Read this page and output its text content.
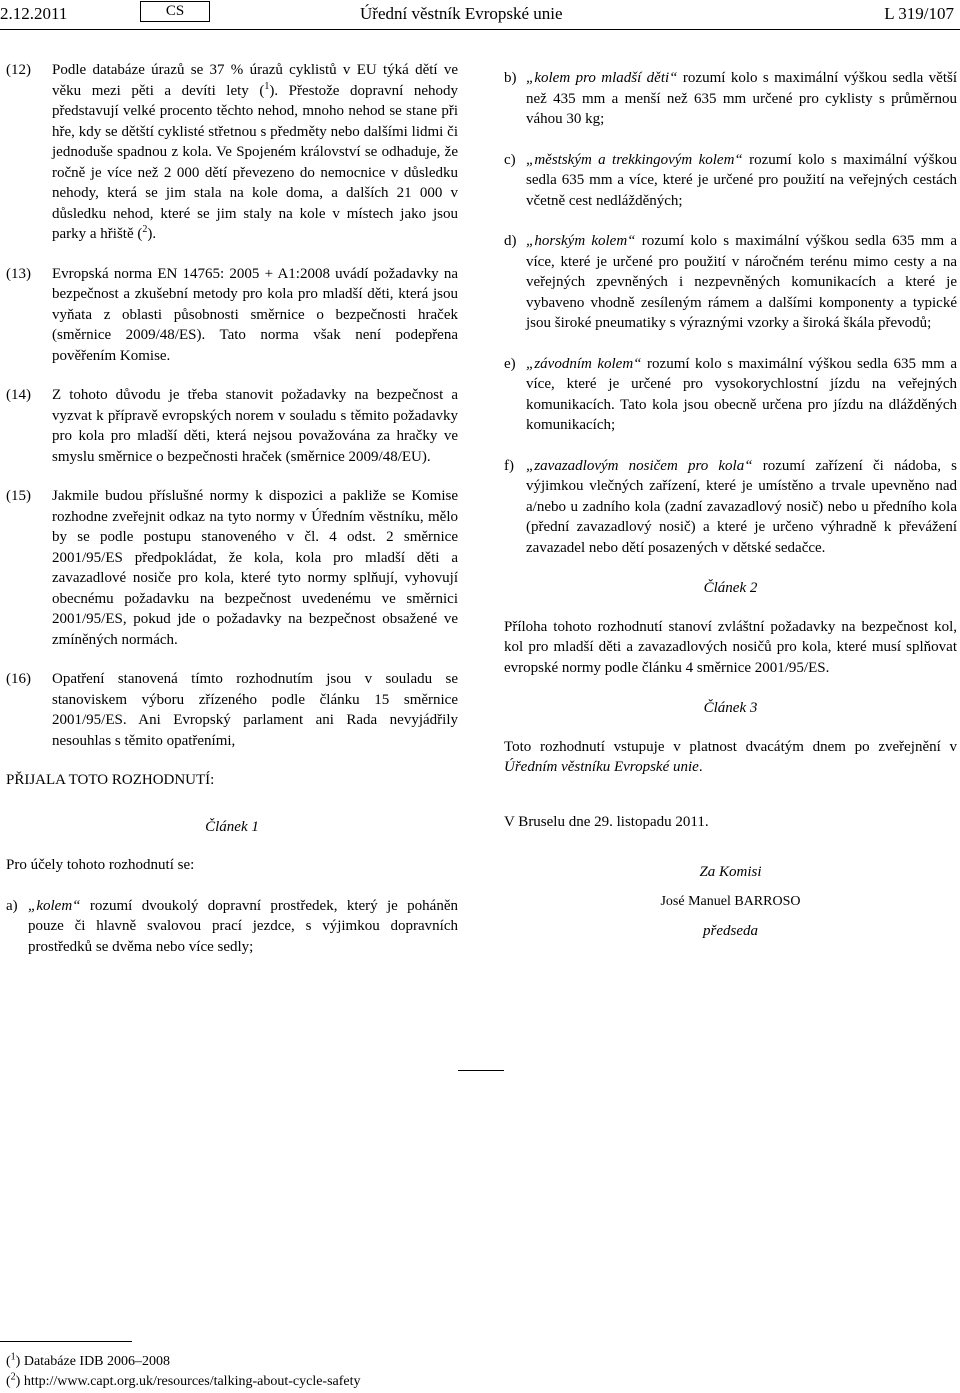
2.12.2011	CS	Úřední věstník Evropské unie	L 319/107
(12)	Podle databáze úrazů se 37 % úrazů cyklistů v EU týká dětí ve věku mezi pěti a devíti lety ($^1$). Přestože dopravní nehody představují velké procento těchto nehod, mnoho nehod se stane při hře, kdy se dětští cyklisté střetnou s předměty nebo dalšími lidmi či jednoduše spadnou z kola. Ve Spojeném království se odhaduje, že ročně je více než 2 000 dětí převezeno do nemocnice v důsledku nehody, která se jim stala na kole doma, a dalších 21 000 v důsledku nehod, které se jim staly na kole v místech jako jsou parky a hřiště ($^2$).
(13)	Evropská norma EN 14765: 2005 + A1:2008 uvádí požadavky na bezpečnost a zkušební metody pro kola pro mladší děti, která jsou vyňata z oblasti působnosti směrnice o bezpečnosti hraček (směrnice 2009/48/ES). Tato norma však není podepřena pověřením Komise.
(14)	Z tohoto důvodu je třeba stanovit požadavky na bezpečnost a vyzvat k přípravě evropských norem v souladu s těmito požadavky pro kola pro mladší děti, která nejsou považována za hračky ve smyslu směrnice o bezpečnosti hraček (směrnice 2009/48/EU).
(15)	Jakmile budou příslušné normy k dispozici a pakliže se Komise rozhodne zveřejnit odkaz na tyto normy v Úředním věstníku, mělo by se podle postupu stanoveného v čl. 4 odst. 2 směrnice 2001/95/ES předpokládat, že kola, kola pro mladší děti a zavazadlové nosiče pro kola, které tyto normy splňují, vyhovují obecnému požadavku na bezpečnost uvedenému ve směrnici 2001/95/ES, pokud jde o požadavky na bezpečnost obsažené ve zmíněných normách.
(16)	Opatření stanovená tímto rozhodnutím jsou v souladu se stanoviskem výboru zřízeného podle článku 15 směrnice 2001/95/ES. Ani Evropský parlament ani Rada nevyjádřily nesouhlas s těmito opatřeními,
PŘIJALA TOTO ROZHODNUTÍ:
Článek 1
Pro účely tohoto rozhodnutí se:
a) „kolem“ rozumí dvoukolý dopravní prostředek, který je poháněn pouze či hlavně svalovou prací jezdce, s výjimkou dopravních prostředků se dvěma nebo více sedly;
b) „kolem pro mladší děti“ rozumí kolo s maximální výškou sedla větší než 435 mm a menší než 635 mm určené pro cyklisty s průměrnou váhou 30 kg;
c) „městským a trekkingovým kolem“ rozumí kolo s maximální výškou sedla 635 mm a více, které je určené pro použití na veřejných cestách včetně cest nedlážděných;
d) „horským kolem“ rozumí kolo s maximální výškou sedla 635 mm a více, které je určené pro použití v náročném terénu mimo cesty a na veřejných zpevněných i nezpevněných komunikacích a které je vybaveno vhodně zesíleným rámem a dalšími komponenty a typické jsou široké pneumatiky s výraznými vzorky a široká škála převodů;
e) „závodním kolem“ rozumí kolo s maximální výškou sedla 635 mm a více, které je určené pro vysokorychlostní jízdu na veřejných komunikacích. Tato kola jsou obecně určena pro jízdu na dlážděných komunikacích;
f) „zavazadlovým nosičem pro kola“ rozumí zařízení či nádoba, s výjimkou vlečných zařízení, které je umístěno a trvale upevněno nad a/nebo u zadního kola (zadní zavazadlový nosič) nebo u předního kola (přední zavazadlový nosič) a které je určeno výhradně k převážení zavazadel nebo dětí posazených v dětské sedačce.
Článek 2
Příloha tohoto rozhodnutí stanoví zvláštní požadavky na bezpečnost kol, kol pro mladší děti a zavazadlových nosičů pro kola, které musí splňovat evropské normy podle článku 4 směrnice 2001/95/ES.
Článek 3
Toto rozhodnutí vstupuje v platnost dvacátým dnem po zveřejnění v Úředním věstníku Evropské unie.
V Bruselu dne 29. listopadu 2011.
Za Komisi
José Manuel BARROSO
předseda
($^1$) Databáze IDB 2006–2008
($^2$) http://www.capt.org.uk/resources/talking-about-cycle-safety
